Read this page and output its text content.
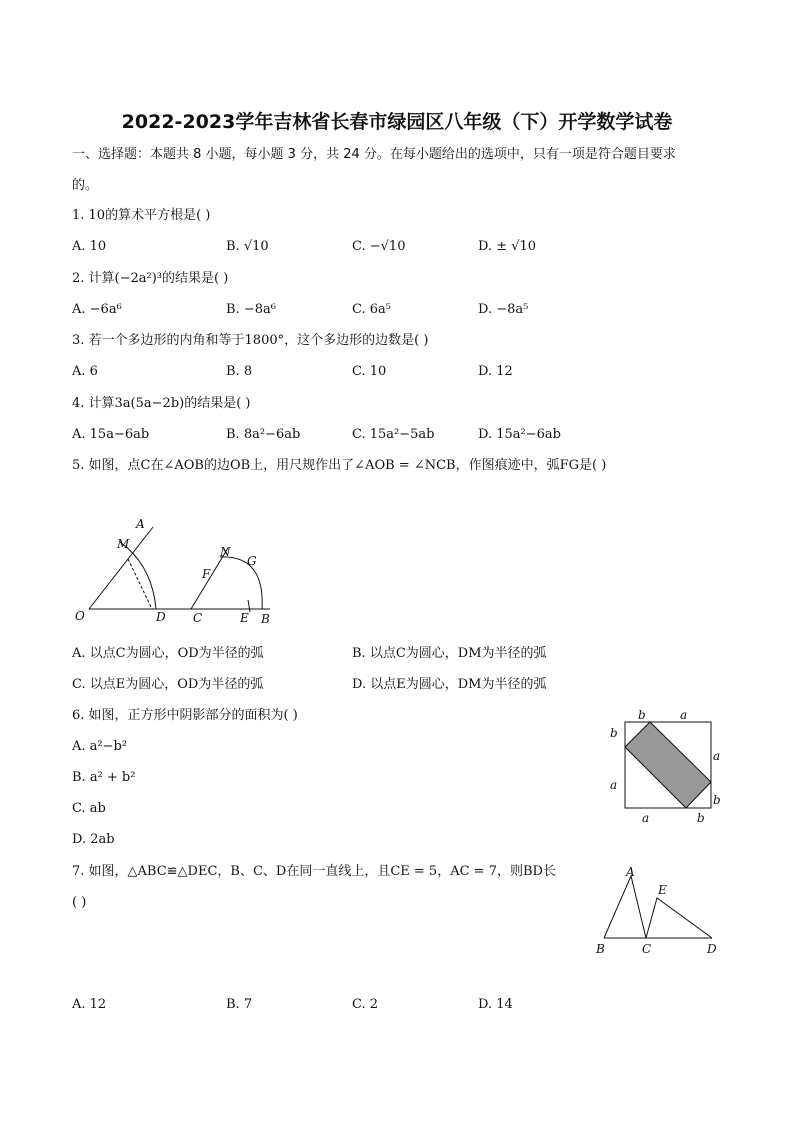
2022-2023学年吉林省长春市绿园区八年级（下）开学数学试卷
一、选择题：本题共 8 小题，每小题 3 分，共 24 分。在每小题给出的选项中，只有一项是符合题目要求
的。
1. 10的算术平方根是( )
A. 10	B. √10	C. −√10	D. ± √10
2. 计算(−2a²)³的结果是( )
A. −6a⁶	B. −8a⁶	C. 6a⁵	D. −8a⁵
3. 若一个多边形的内角和等于1800°，这个多边形的边数是( )
A. 6	B. 8	C. 10	D. 12
4. 计算3a(5a−2b)的结果是( )
A. 15a−6ab	B. 8a²−6ab	C. 15a²−5ab	D. 15a²−6ab
5. 如图，点C在∠AOB的边OB上，用尺规作出了∠AOB = ∠NCB，作图痕迹中，弧FG是( )
O
A
M
D C
N
G
F
E B
A. 以点C为圆心，OD为半径的弧	B. 以点C为圆心，DM为半径的弧
C. 以点E为圆心，OD为半径的弧	D. 以点E为圆心，DM为半径的弧
6. 如图，正方形中阴影部分的面积为( )
A. a²−b²
B. a² + b²
C. ab
D. 2ab
b	a
b
a
a
b
a	b
7. 如图，△ABC≌△DEC，B、C、D在同一直线上，且CE = 5，AC = 7，则BD长
( )
A
E
B	C	D
A. 12	B. 7	C. 2	D. 14
